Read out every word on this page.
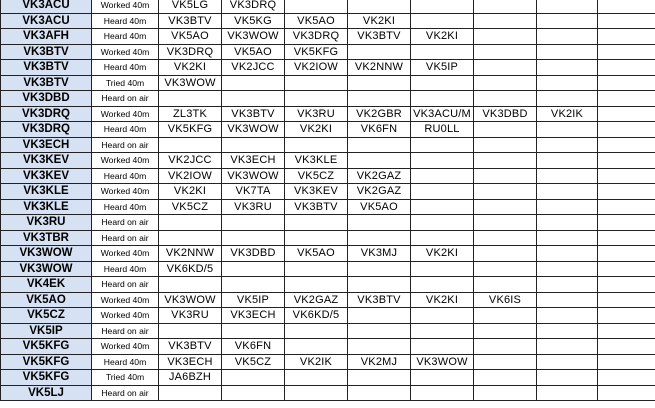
VK3ACU	Worked 40m	VK5LG	VK3DRQ						
VK3ACU	Heard 40m	VK3BTV	VK5KG	VK5AO	VK2KI				
VK3AFH	Heard 40m	VK5AO	VK3WOW	VK3DRQ	VK3BTV	VK2KI			
VK3BTV	Worked 40m	VK3DRQ	VK5AO	VK5KFG					
VK3BTV	Heard 40m	VK2KI	VK2JCC	VK2IOW	VK2NNW	VK5IP			
VK3BTV	Tried 40m	VK3WOW							
VK3DBD	Heard on air								
VK3DRQ	Worked 40m	ZL3TK	VK3BTV	VK3RU	VK2GBR	VK3ACU/M	VK3DBD	VK2IK	
VK3DRQ	Heard 40m	VK5KFG	VK3WOW	VK2KI	VK6FN	RU0LL			
VK3ECH	Heard on air								
VK3KEV	Worked 40m	VK2JCC	VK3ECH	VK3KLE					
VK3KEV	Heard 40m	VK2IOW	VK3WOW	VK5CZ	VK2GAZ				
VK3KLE	Worked 40m	VK2KI	VK7TA	VK3KEV	VK2GAZ				
VK3KLE	Heard 40m	VK5CZ	VK3RU	VK3BTV	VK5AO				
VK3RU	Heard on air								
VK3TBR	Heard on air								
VK3WOW	Worked 40m	VK2NNW	VK3DBD	VK5AO	VK3MJ	VK2KI			
VK3WOW	Heard 40m	VK6KD/5							
VK4EK	Heard on air								
VK5AO	Worked 40m	VK3WOW	VK5IP	VK2GAZ	VK3BTV	VK2KI	VK6IS		
VK5CZ	Worked 40m	VK3RU	VK3ECH	VK6KD/5					
VK5IP	Heard on air								
VK5KFG	Worked 40m	VK3BTV	VK6FN						
VK5KFG	Heard 40m	VK3ECH	VK5CZ	VK2IK	VK2MJ	VK3WOW			
VK5KFG	Tried 40m	JA6BZH							
VK5LJ	Heard on air								
